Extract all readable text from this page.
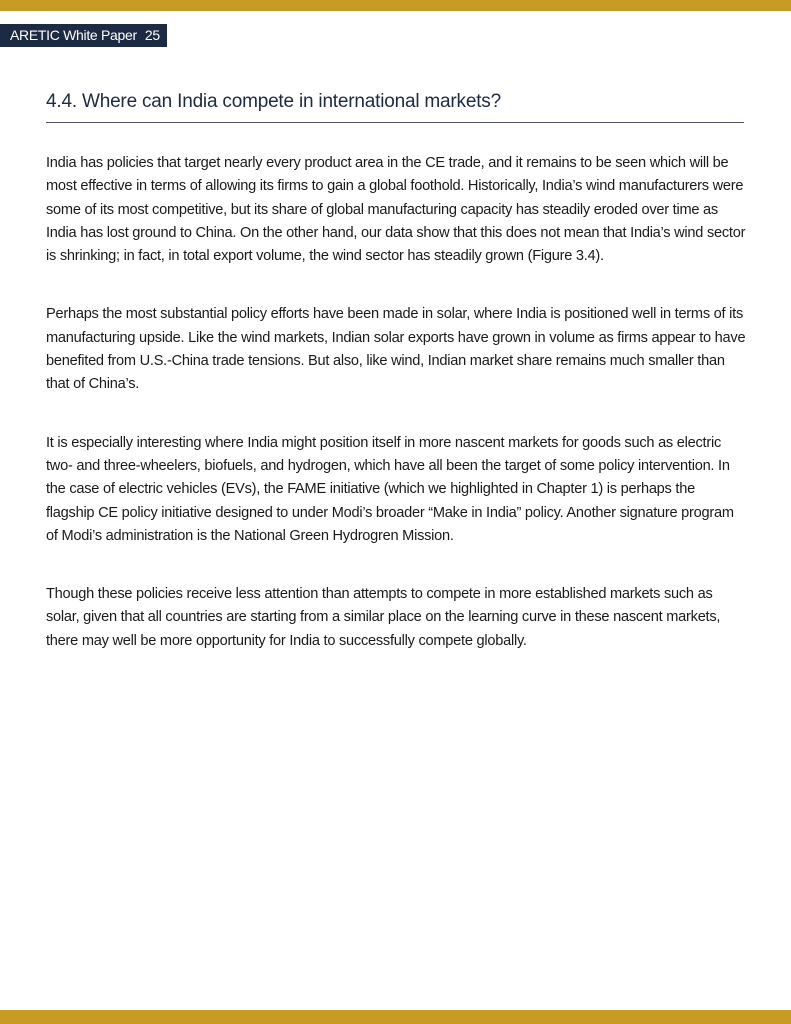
ARETIC White Paper 25
4.4. Where can India compete in international markets?

India has policies that target nearly every product area in the CE trade, and it remains to be seen which will be most effective in terms of allowing its firms to gain a global foothold. Historically, India’s wind manufacturers were some of its most competitive, but its share of global manufacturing capacity has steadily eroded over time as India has lost ground to China. On the other hand, our data show that this does not mean that India’s wind sector is shrinking; in fact, in total export volume, the wind sector has steadily grown (Figure 3.4).

Perhaps the most substantial policy efforts have been made in solar, where India is positioned well in terms of its manufacturing upside. Like the wind markets, Indian solar exports have grown in volume as firms appear to have benefited from U.S.-China trade tensions. But also, like wind, Indian market share remains much smaller than that of China’s.

It is especially interesting where India might position itself in more nascent markets for goods such as electric two- and three-wheelers, biofuels, and hydrogen, which have all been the target of some policy intervention. In the case of electric vehicles (EVs), the FAME initiative (which we highlighted in Chapter 1) is perhaps the flagship CE policy initiative designed to under Modi’s broader “Make in India” policy. Another signature program of Modi’s administration is the National Green Hydrogren Mission.

Though these policies receive less attention than attempts to compete in more established markets such as solar, given that all countries are starting from a similar place on the learning curve in these nascent markets, there may well be more opportunity for India to successfully compete globally.
